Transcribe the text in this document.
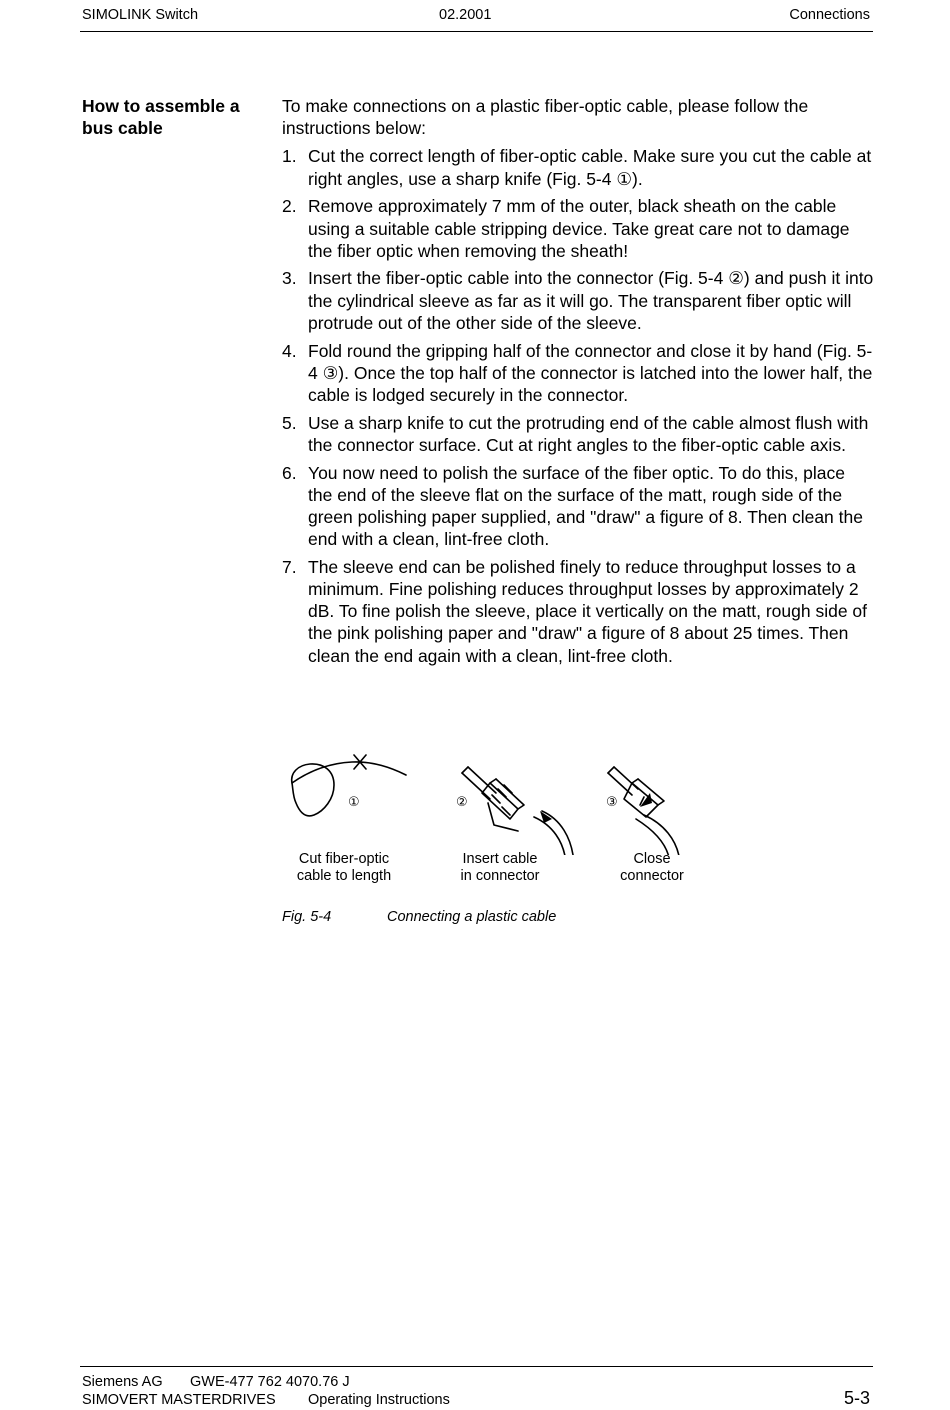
SIMOLINK Switch	02.2001	Connections
How to assemble a bus cable

To make connections on a plastic fiber-optic cable, please follow the instructions below:

1. Cut the correct length of fiber-optic cable. Make sure you cut the cable at right angles, use a sharp knife (Fig. 5-4 ①).
2. Remove approximately 7 mm of the outer, black sheath on the cable using a suitable cable stripping device. Take great care not to damage the fiber optic when removing the sheath!
3. Insert the fiber-optic cable into the connector (Fig. 5-4 ②) and push it into the cylindrical sleeve as far as it will go. The transparent fiber optic will protrude out of the other side of the sleeve.
4. Fold round the gripping half of the connector and close it by hand (Fig. 5-4 ③). Once the top half of the connector is latched into the lower half, the cable is lodged securely in the connector.
5. Use a sharp knife to cut the protruding end of the cable almost flush with the connector surface. Cut at right angles to the fiber-optic cable axis.
6. You now need to polish the surface of the fiber optic. To do this, place the end of the sleeve flat on the surface of the matt, rough side of the green polishing paper supplied, and "draw" a figure of 8. Then clean the end with a clean, lint-free cloth.
7. The sleeve end can be polished finely to reduce throughput losses to a minimum. Fine polishing reduces throughput losses by approximately 2 dB. To fine polish the sleeve, place it vertically on the matt, rough side of the pink polishing paper and "draw" a figure of 8 about 25 times. Then clean the end again with a clean, lint-free cloth.
①	②	③
Cut fiber-optic
cable to length
Insert cable
in connector
Close
connector
Fig. 5-4	Connecting a plastic cable
Siemens AG GWE-477 762 4070.76 J
SIMOVERT MASTERDRIVES Operating Instructions	5-3
